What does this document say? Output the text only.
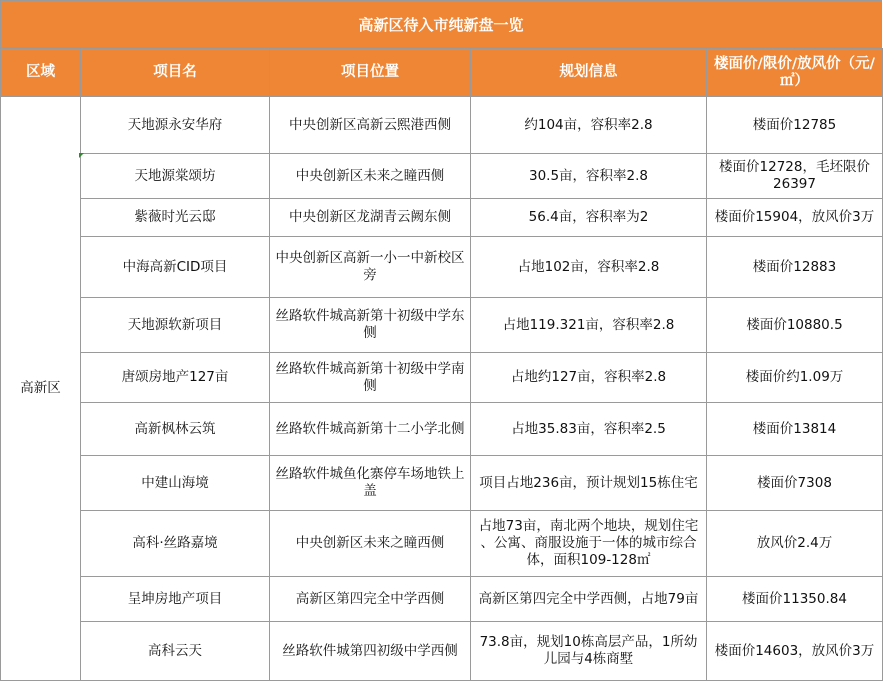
高新区待入市纯新盘一览
区域	项目名	项目位置	规划信息	楼面价/限价/放风价（元/㎡）
高新区	天地源永安华府	中央创新区高新云熙港西侧	约104亩，容积率2.8	楼面价12785
	天地源棠颂坊	中央创新区未来之瞳西侧	30.5亩，容积率2.8	楼面价12728，毛坯限价26397
	紫薇时光云邸	中央创新区龙湖青云阙东侧	56.4亩，容积率为2	楼面价15904，放风价3万
	中海高新CID项目	中央创新区高新一小一中新校区旁	占地102亩，容积率2.8	楼面价12883
	天地源软新项目	丝路软件城高新第十初级中学东侧	占地119.321亩，容积率2.8	楼面价10880.5
	唐颂房地产127亩	丝路软件城高新第十初级中学南侧	占地约127亩，容积率2.8	楼面价约1.09万
	高新枫林云筑	丝路软件城高新第十二小学北侧	占地35.83亩，容积率2.5	楼面价13814
	中建山海境	丝路软件城鱼化寨停车场地铁上盖	项目占地236亩，预计规划15栋住宅	楼面价7308
	高科·丝路嘉境	中央创新区未来之瞳西侧	占地73亩，南北两个地块，规划住宅 、公寓、商服设施于一体的城市综合 体，面积109-128㎡	放风价2.4万
	呈坤房地产项目	高新区第四完全中学西侧	高新区第四完全中学西侧，占地79亩	楼面价11350.84
	高科云天	丝路软件城第四初级中学西侧	73.8亩，规划10栋高层产品，1所幼儿园与4栋商墅	楼面价14603，放风价3万
